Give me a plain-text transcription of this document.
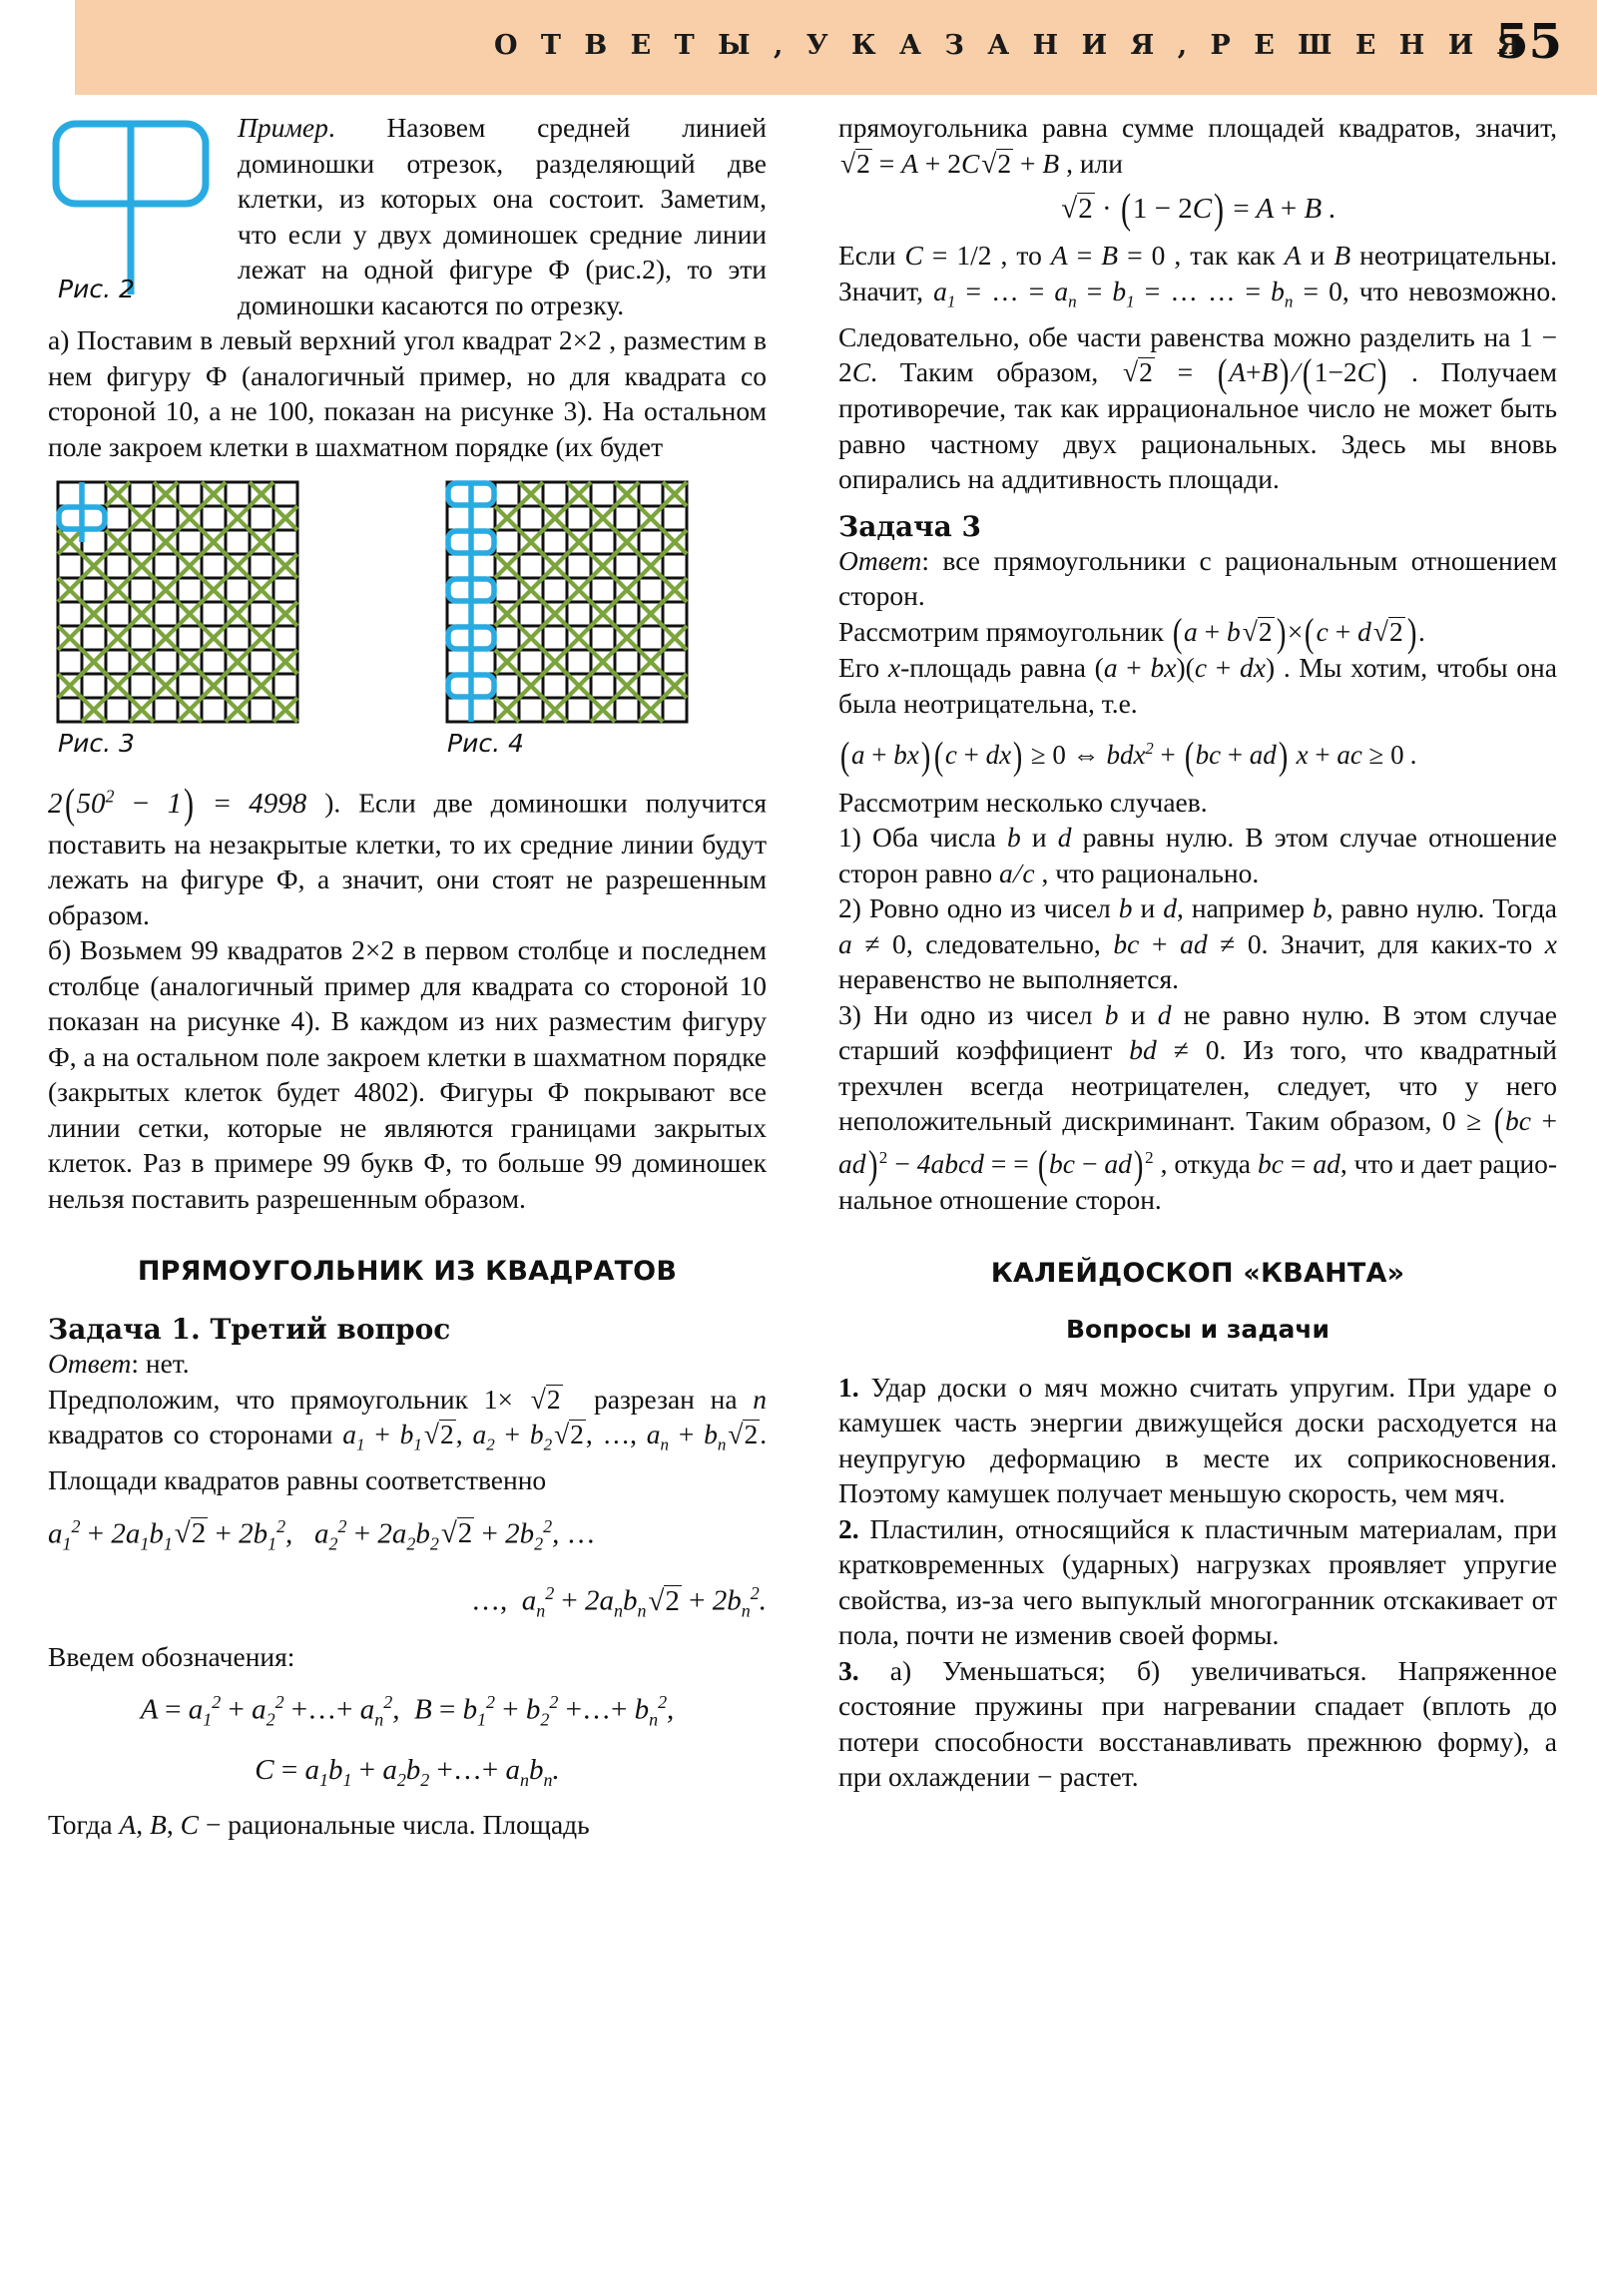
О Т В Е Т Ы , У К А З А Н И Я , Р Е Ш Е Н И Я
55
Рис. 2

Пример. Назовем средней линией доминошки отрезок, разделяющий две клетки, из которых она состоит. Заметим, что если у двух доминошек средние линии лежат на одной фигуре Ф (рис.2), то эти доминошки касаются по отрезку.

а) Поставим в левый верхний угол квадрат 2×2 , разместим в нем фигуру Ф (аналогичный пример, но для квадрата со стороной 10, а не 100, показан на рисунке 3). На остальном поле закроем клетки в шахматном порядке (их будет

Рис. 3	Рис. 4

$2(50^2 - 1) = 4998$ ). Если две доминошки получится поставить на незакрытые клетки, то их средние линии будут лежать на фигуре Ф, а значит, они стоят не разрешенным образом.

б) Возьмем 99 квадратов 2×2 в первом столбце и последнем столбце (аналогичный пример для квадрата со стороной 10 показан на рисунке 4). В каждом из них разместим фигуру Ф, а на остальном поле закроем клетки в шахматном порядке (закрытых клеток будет 4802). Фигуры Ф покрывают все линии сетки, которые не являются границами закрытых клеток. Раз в примере 99 букв Ф, то больше 99 доминошек нельзя поставить разрешенным образом.

ПРЯМОУГОЛЬНИК ИЗ КВАДРАТОВ
Задача 1. Третий вопрос

Ответ: нет.

Предположим, что прямоугольник 1× √2  разрезан на n квадратов со сторонами $a_1 + b_1√2$, $a_2 + b_2√2$, …, $a_n + b_n√2$. Площади квадратов равны соответственно

$a_1^2 + 2a_1b_1√2 + 2b_1^2$,   $a_2^2 + 2a_2b_2√2 + 2b_2^2$, …
…,  $a_n^2 + 2a_nb_n√2 + 2b_n^2$.

Введем обозначения:

$A = a_1^2 + a_2^2$ +…+ $a_n^2$,  $B = b_1^2 + b_2^2$ +…+ $b_n^2$,
$C = a_1b_1 + a_2b_2$ +…+ $a_nb_n$.

Тогда A, B, C − рациональные числа. Площадь

прямоугольника равна сумме площадей квадратов, значит, √2 = A + 2C√2 + B , или

√2 · (1 − 2C) = A + B .

Если C = 1/2 , то A = B = 0 , так как A и B неотрицательны. Значит, $a_1$ = … = $a_n = b_1$ = … … = $b_n = 0$, что невозможно. Следовательно, обе части равенства можно разделить на 1 − 2C. Таким образом, √2 = (A+B)/(1−2C) . Получаем противоречие, так как иррациональное число не может быть равно частному двух рациональных. Здесь мы вновь опирались на аддитивность площади.

Задача 3

Ответ: все прямоугольники с рациональным отношением сторон.

Рассмотрим прямоугольник (a + b√2)×(c + d√2).

Его x-площадь равна (a + bx)(c + dx) . Мы хотим, чтобы она была неотрицательна, т.е.

(a + bx)(c + dx) ≥ 0 ⇔ bdx$^2$ + (bc + ad) x + ac ≥ 0 .

Рассмотрим несколько случаев.

1) Оба числа b и d равны нулю. В этом случае отношение сторон равно a/c , что рационально.

2) Ровно одно из чисел b и d, например b, равно нулю. Тогда a ≠ 0, следовательно, bc + ad ≠ 0. Значит, для каких-то x неравенство не выполняется.

3) Ни одно из чисел b и d не равно нулю. В этом случае старший коэффициент bd ≠ 0. Из того, что квадратный трехчлен всегда неотрицателен, следует, что у него неположительный дискриминант. Таким образом, 0 ≥ (bc + ad) $^2$ − 4abcd = = (bc − ad) $^2$ , откуда bc = ad, что и дает рациональное отношение сторон.

КАЛЕЙДОСКОП «КВАНТА»
Вопросы и задачи

1. Удар доски о мяч можно считать упругим. При ударе о камушек часть энергии движущейся доски расходуется на неупругую деформацию в месте их соприкосновения. Поэтому камушек получает меньшую скорость, чем мяч.

2. Пластилин, относящийся к пластичным материалам, при кратковременных (ударных) нагрузках проявляет упругие свойства, из-за чего выпуклый многогранник отскакивает от пола, почти не изменив своей формы.

3. а) Уменьшаться; б) увеличиваться. Напряженное состояние пружины при нагревании спадает (вплоть до потери способности восстанавливать прежнюю форму), а при охлаждении − растет.
